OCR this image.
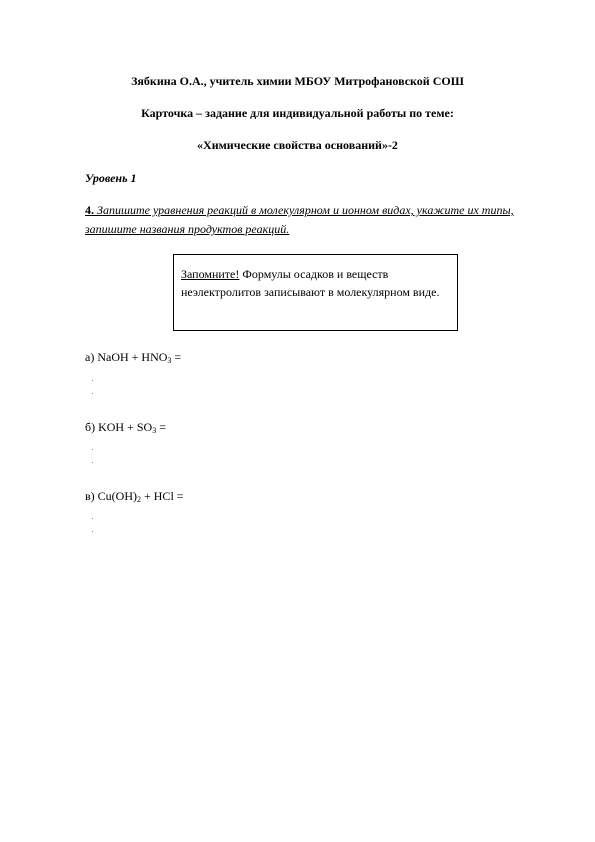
Зябкина О.А., учитель химии МБОУ Митрофановской СОШ
Карточка – задание для индивидуальной работы по теме:
«Химические свойства оснований»-2
Уровень 1
4. Запишите уравнения реакций в молекулярном и ионном видах, укажите их типы, запишите названия продуктов реакций.
Запомните! Формулы осадков и веществ неэлектролитов записывают в молекулярном виде.
а) NaOH + $HNO_3$ =
б) KOH + $SO_3$ =
в) $Cu(OH)_2$ + HCl =
